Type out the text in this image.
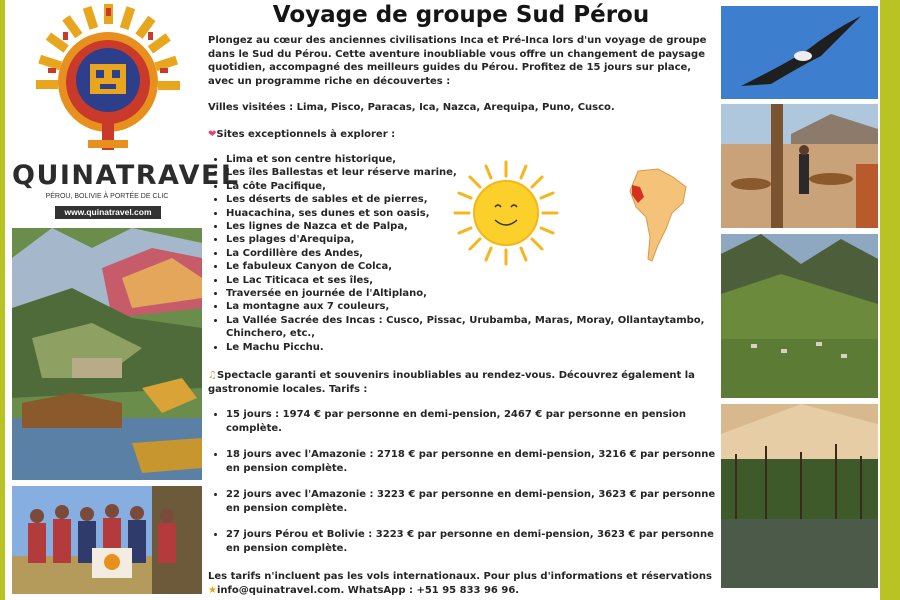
QUINATRAVEL
PÉROU, BOLIVIE À PORTÉE DE CLIC
www.quinatravel.com
Voyage de groupe Sud Pérou
Plongez au cœur des anciennes civilisations Inca et Pré-Inca lors d'un voyage de groupe dans le Sud du Pérou. Cette aventure inoubliable vous offre un changement de paysage quotidien, accompagné des meilleurs guides du Pérou. Profitez de 15 jours sur place, avec un programme riche en découvertes :
Villes visitées : Lima, Pisco, Paracas, Ica, Nazca, Arequipa, Puno, Cusco.
❤Sites exceptionnels à explorer :
• Lima et son centre historique,
• Les îles Ballestas et leur réserve marine,
• La côte Pacifique,
• Les déserts de sables et de pierres,
• Huacachina, ses dunes et son oasis,
• Les lignes de Nazca et de Palpa,
• Les plages d'Arequipa,
• La Cordillère des Andes,
• Le fabuleux Canyon de Colca,
• Le Lac Titicaca et ses îles,
• Traversée en journée de l'Altiplano,
• La montagne aux 7 couleurs,
• La Vallée Sacrée des Incas : Cusco, Pissac, Urubamba, Maras, Moray, Ollantaytambo, Chinchero, etc.,
• Le Machu Picchu.
♫Spectacle garanti et souvenirs inoubliables au rendez-vous. Découvrez également la gastronomie locales. Tarifs :
• 15 jours : 1974 € par personne en demi-pension, 2467 € par personne en pension complète.
• 18 jours avec l'Amazonie : 2718 € par personne en demi-pension, 3216 € par personne en pension complète.
• 22 jours avec l'Amazonie : 3223 € par personne en demi-pension, 3623 € par personne en pension complète.
• 27 jours Pérou et Bolivie : 3223 € par personne en demi-pension, 3623 € par personne en pension complète.
Les tarifs n'incluent pas les vols internationaux. Pour plus d'informations et réservations
★info@quinatravel.com. WhatsApp : +51 95 833 96 96.
